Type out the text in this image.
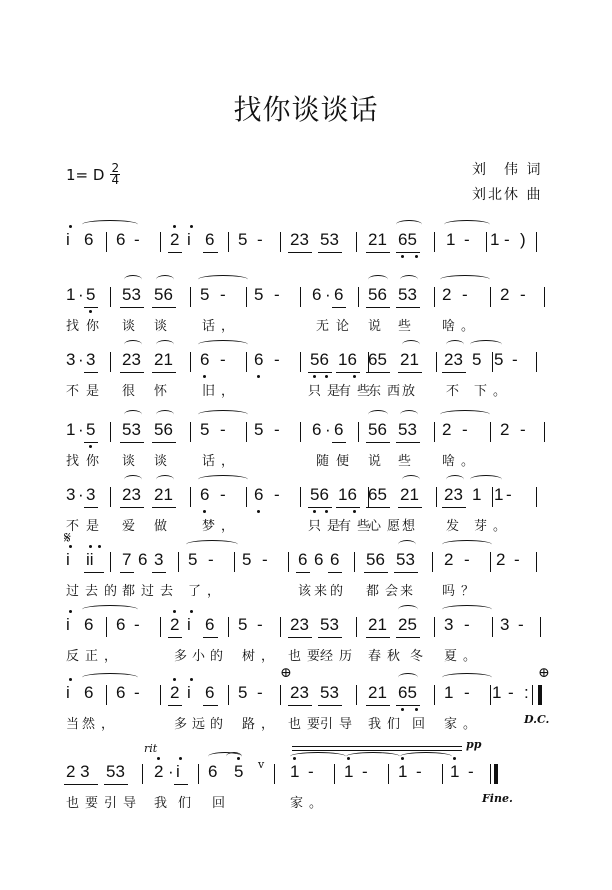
找你谈谈话
1= D $\frac{2}{4}$	刘　伟 词
刘北休 曲
i 6 6 - 2 i 6 5 - 23 53 21 65 1 - 1 - )
1 · 5 53 56 5 - 5 - 6 · 6 56 53 2 - 2 -
找 你 谈 谈 话，	无 论 说 些 啥。
3 · 3 23 21 6 - 6 - 56 16 65 21 23 5 5 -
不 是 很 怀 旧，	只是
有些
东西
放 不 下。
1 · 5 53 56 5 - 5 - 6 · 6 56 53 2 - 2 -
找 你 谈 谈 话，	随 便 说 些 啥。
3 · 3 23 21 6 - 6 - 56 16 65 21 23 1 1 -
不 是 爱 做 梦，	只是
有些
心愿
想 发 芽。
i ii 7 6 3 5 - 5 - 6 6 6 56 53 2 - 2 -
过去的
都过去 了，	该
来
的 都会
来 吗？
𝄋
i 6 6 - 2 i 6 5 - 23 53 21 25 3 - 3 -
反正，	多
小
的 树， 也要
经历 春秋 冬 夏。
i 6 6 - 2 i 6 5 - 23 53 21 65 1 - 1 - :
当
然，	多
远
的 路， 也要
引导 我们 回 家。
⊕	⊕
D.C.
2 3 53 2 · i 6 5	1 - 1 - 1 - 1 -
也要引导 我 们 回	家。
rit
v
pp
Fine.
